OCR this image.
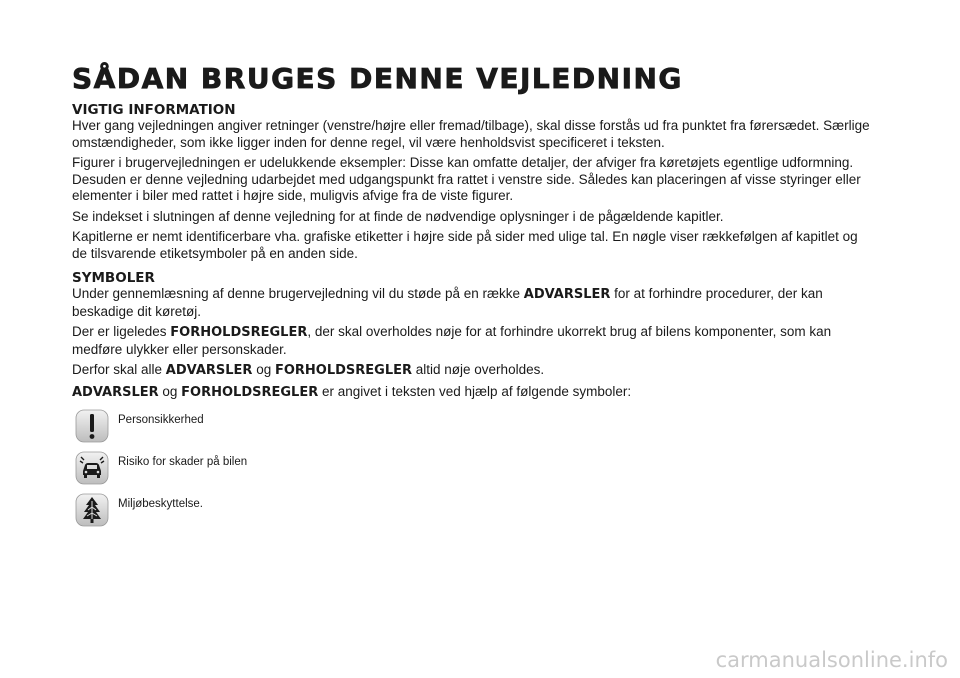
SÅDAN BRUGES DENNE VEJLEDNING
VIGTIG INFORMATION

Hver gang vejledningen angiver retninger (venstre/højre eller fremad/tilbage), skal disse forstås ud fra punktet fra førersædet. Særlige omstændigheder, som ikke ligger inden for denne regel, vil være henholdsvist specificeret i teksten.

Figurer i brugervejledningen er udelukkende eksempler: Disse kan omfatte detaljer, der afviger fra køretøjets egentlige udformning. Desuden er denne vejledning udarbejdet med udgangspunkt fra rattet i venstre side. Således kan placeringen af visse styringer eller elementer i biler med rattet i højre side, muligvis afvige fra de viste figurer.

Se indekset i slutningen af denne vejledning for at finde de nødvendige oplysninger i de pågældende kapitler.

Kapitlerne er nemt identificerbare vha. grafiske etiketter i højre side på sider med ulige tal. En nøgle viser rækkefølgen af kapitlet og de tilsvarende etiketsymboler på en anden side.

SYMBOLER

Under gennemlæsning af denne brugervejledning vil du støde på en række ADVARSLER for at forhindre procedurer, der kan beskadige dit køretøj.

Der er ligeledes FORHOLDSREGLER, der skal overholdes nøje for at forhindre ukorrekt brug af bilens komponenter, som kan medføre ulykker eller personskader.

Derfor skal alle ADVARSLER og FORHOLDSREGLER altid nøje overholdes.

ADVARSLER og FORHOLDSREGLER er angivet i teksten ved hjælp af følgende symboler:

Personsikkerhed
Risiko for skader på bilen
Miljøbeskyttelse.
carmanualsonline.info
